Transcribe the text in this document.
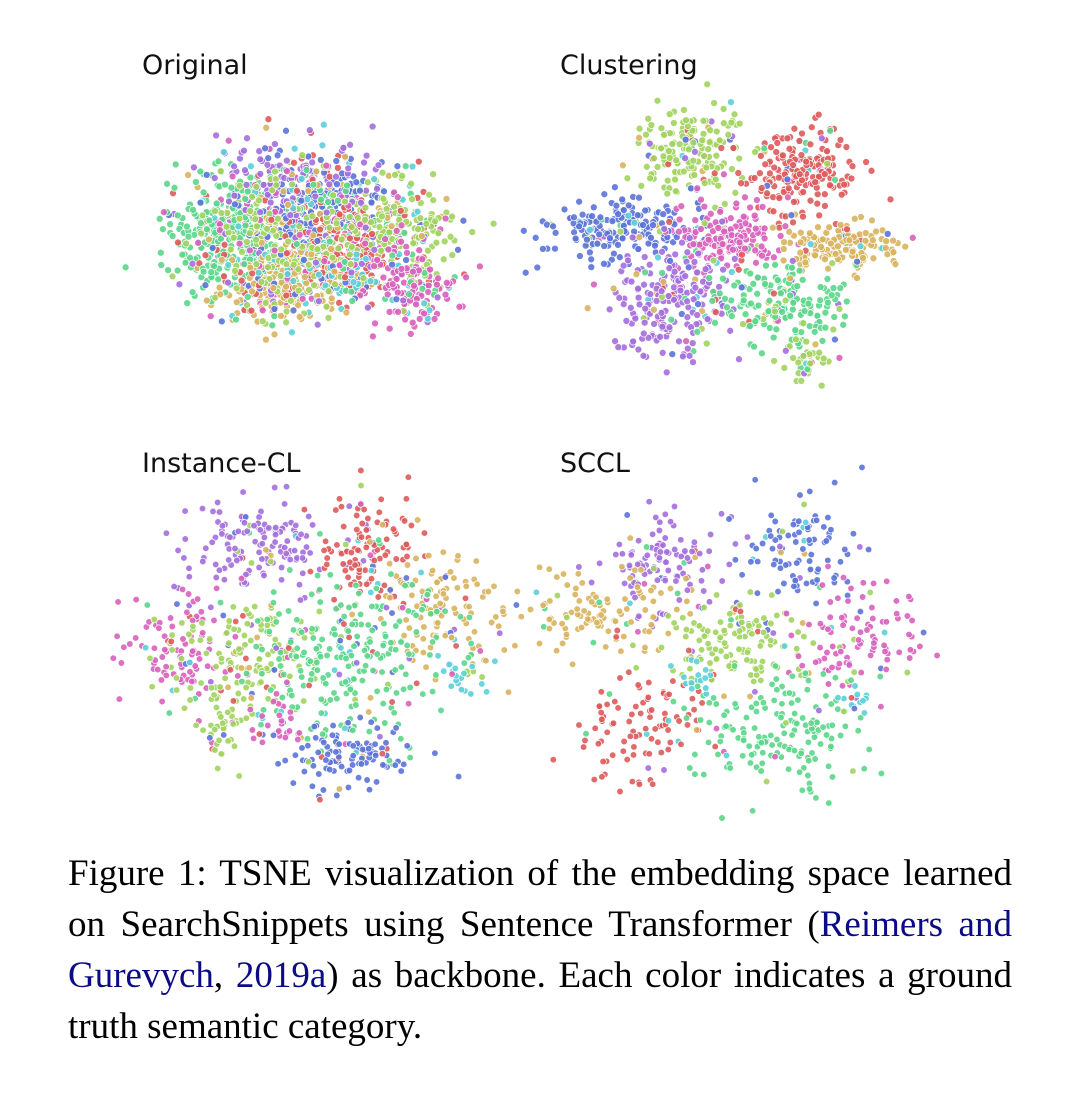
Original	Clustering
Instance-CL	SCCL
Figure 1: TSNE visualization of the embedding space learned on SearchSnippets using Sentence Transformer (Reimers and Gurevych, 2019a) as backbone. Each color indicates a ground truth semantic category.
